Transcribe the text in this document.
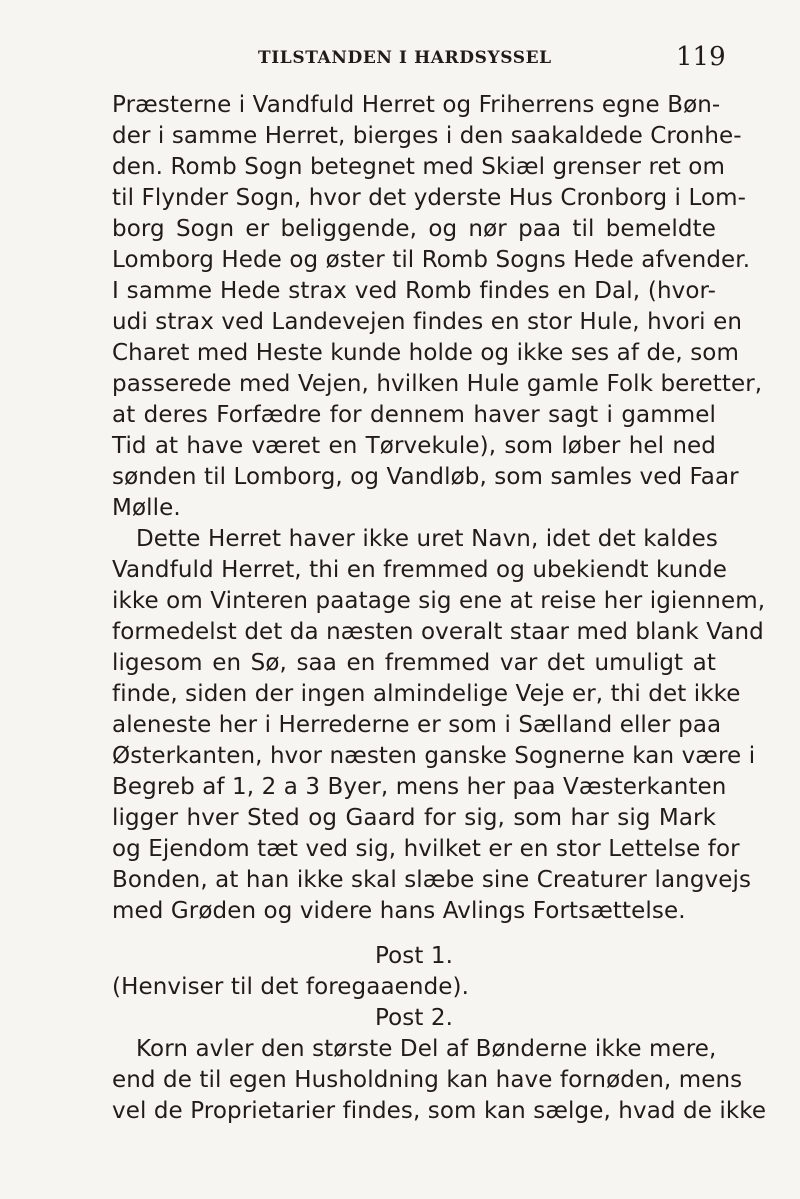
TILSTANDEN I HARDSYSSEL	119
Præsterne i Vandfuld Herret og Friherrens egne Bøn-
der i samme Herret, bierges i den saakaldede Cronhe-
den. Romb Sogn betegnet med Skiæl grenser ret om
til Flynder Sogn, hvor det yderste Hus Cronborg i Lom-
borg Sogn er beliggende, og nør paa til bemeldte
Lomborg Hede og øster til Romb Sogns Hede afvender.
I samme Hede strax ved Romb findes en Dal, (hvor-
udi strax ved Landevejen findes en stor Hule, hvori en
Charet med Heste kunde holde og ikke ses af de, som
passerede med Vejen, hvilken Hule gamle Folk beretter,
at deres Forfædre for dennem haver sagt i gammel
Tid at have været en Tørvekule), som løber hel ned
sønden til Lomborg, og Vandløb, som samles ved Faar
Mølle.
Dette Herret haver ikke uret Navn, idet det kaldes
Vandfuld Herret, thi en fremmed og ubekiendt kunde
ikke om Vinteren paatage sig ene at reise her igiennem,
formedelst det da næsten overalt staar med blank Vand
ligesom en Sø, saa en fremmed var det umuligt at
finde, siden der ingen almindelige Veje er, thi det ikke
aleneste her i Herrederne er som i Sælland eller paa
Østerkanten, hvor næsten ganske Sognerne kan være i
Begreb af 1, 2 a 3 Byer, mens her paa Væsterkanten
ligger hver Sted og Gaard for sig, som har sig Mark
og Ejendom tæt ved sig, hvilket er en stor Lettelse for
Bonden, at han ikke skal slæbe sine Creaturer langvejs
med Grøden og videre hans Avlings Fortsættelse.
Post 1.
(Henviser til det foregaaende).
Post 2.
Korn avler den største Del af Bønderne ikke mere,
end de til egen Husholdning kan have fornøden, mens
vel de Proprietarier findes, som kan sælge, hvad de ikke
